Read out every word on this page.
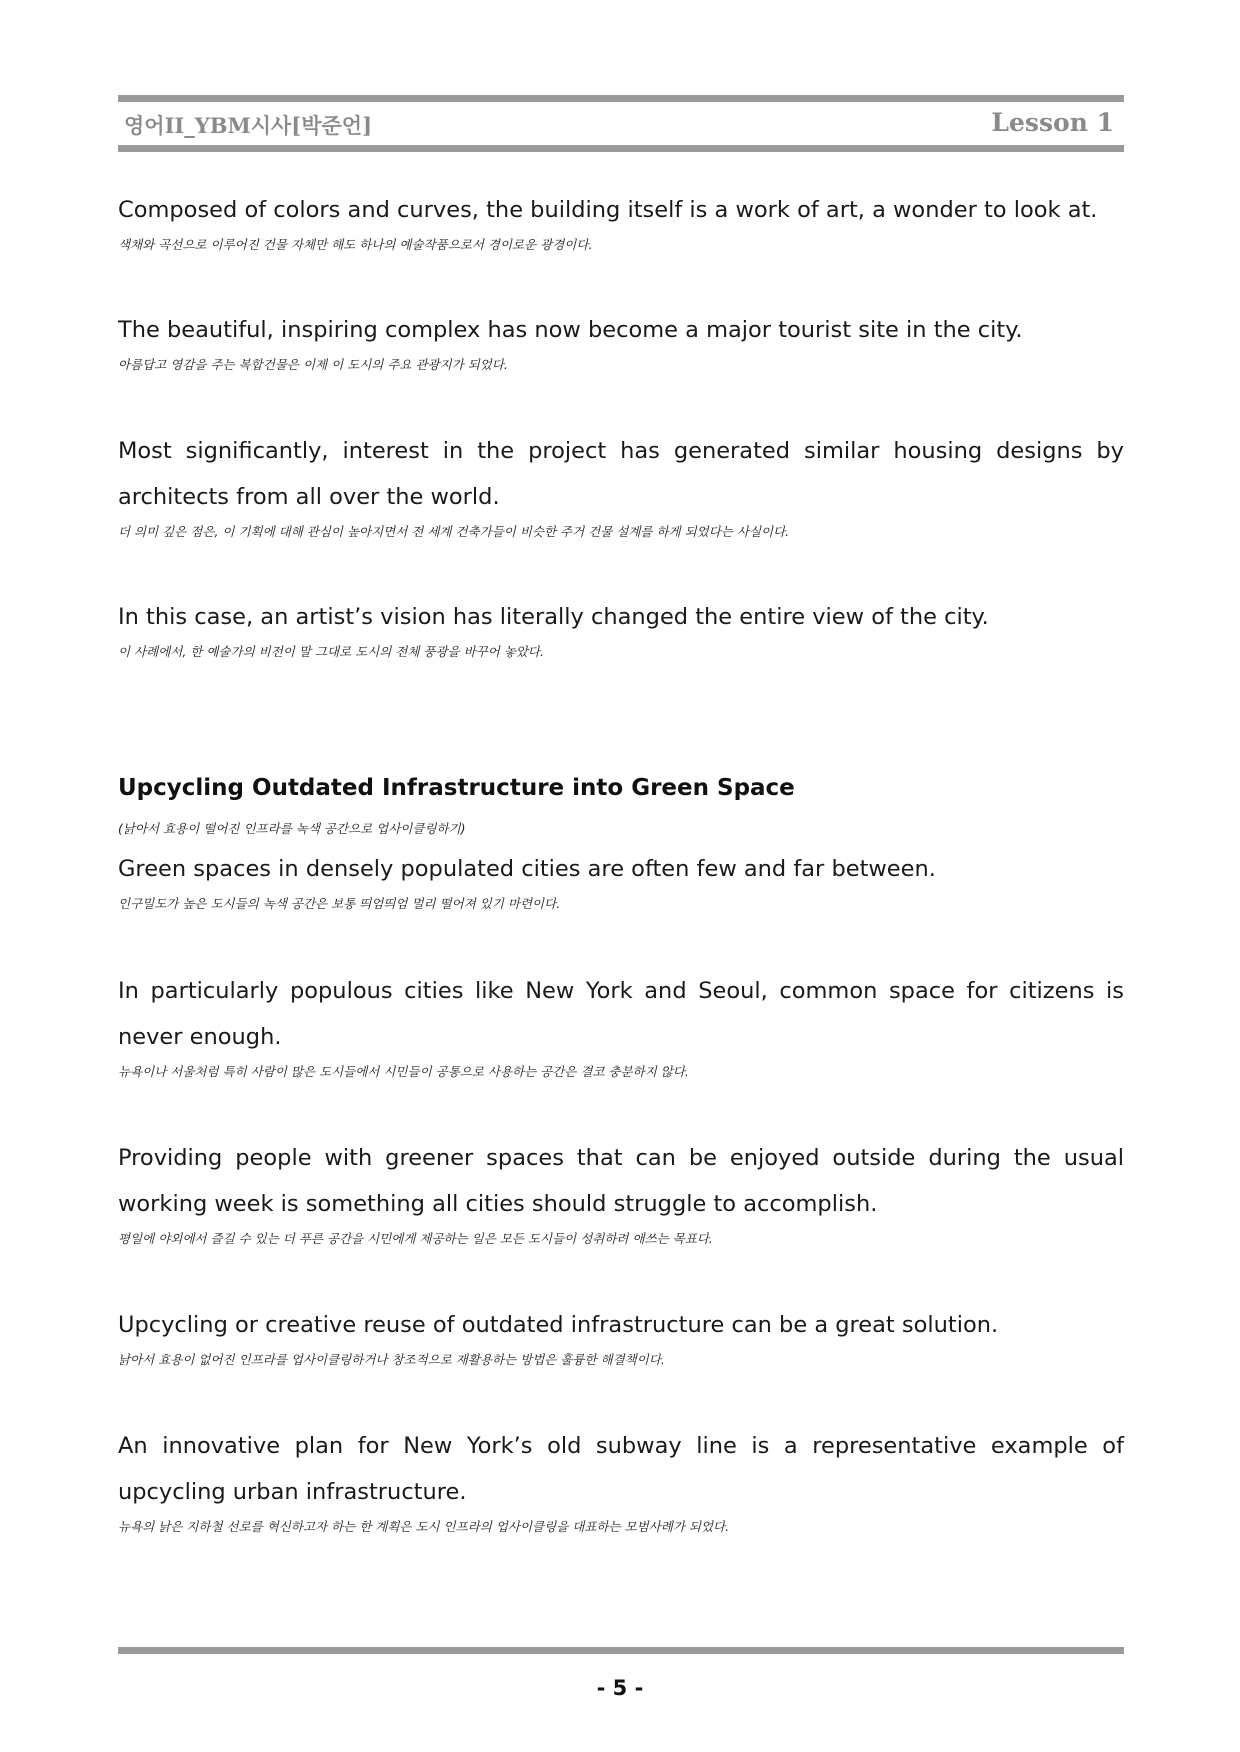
영어II_YBM시사[박준언]	Lesson 1

Composed of colors and curves, the building itself is a work of art, a wonder to look at.

색채와 곡선으로 이루어진 건물 자체만 해도 하나의 예술작품으로서 경이로운 광경이다.

The beautiful, inspiring complex has now become a major tourist site in the city.

아름답고 영감을 주는 복합건물은 이제 이 도시의 주요 관광지가 되었다.

Most significantly, interest in the project has generated similar housing designs by architects from all over the world.

더 의미 깊은 점은, 이 기획에 대해 관심이 높아지면서 전 세계 건축가들이 비슷한 주거 건물 설계를 하게 되었다는 사실이다.

In this case, an artist’s vision has literally changed the entire view of the city.

이 사례에서, 한 예술가의 비전이 말 그대로 도시의 전체 풍광을 바꾸어 놓았다.

Upcycling Outdated Infrastructure into Green Space

(낡아서 효용이 떨어진 인프라를 녹색 공간으로 업사이클링하기)

Green spaces in densely populated cities are often few and far between.

인구밀도가 높은 도시들의 녹색 공간은 보통 띄엄띄엄 멀리 떨어져 있기 마련이다.

In particularly populous cities like New York and Seoul, common space for citizens is never enough.

뉴욕이나 서울처럼 특히 사람이 많은 도시들에서 시민들이 공통으로 사용하는 공간은 결코 충분하지 않다.

Providing people with greener spaces that can be enjoyed outside during the usual working week is something all cities should struggle to accomplish.

평일에 야외에서 즐길 수 있는 더 푸른 공간을 시민에게 제공하는 일은 모든 도시들이 성취하려 애쓰는 목표다.

Upcycling or creative reuse of outdated infrastructure can be a great solution.

낡아서 효용이 없어진 인프라를 업사이클링하거나 창조적으로 재활용하는 방법은 훌륭한 해결책이다.

An innovative plan for New York’s old subway line is a representative example of upcycling urban infrastructure.

뉴욕의 낡은 지하철 선로를 혁신하고자 하는 한 계획은 도시 인프라의 업사이클링을 대표하는 모범사례가 되었다.

- 5 -
